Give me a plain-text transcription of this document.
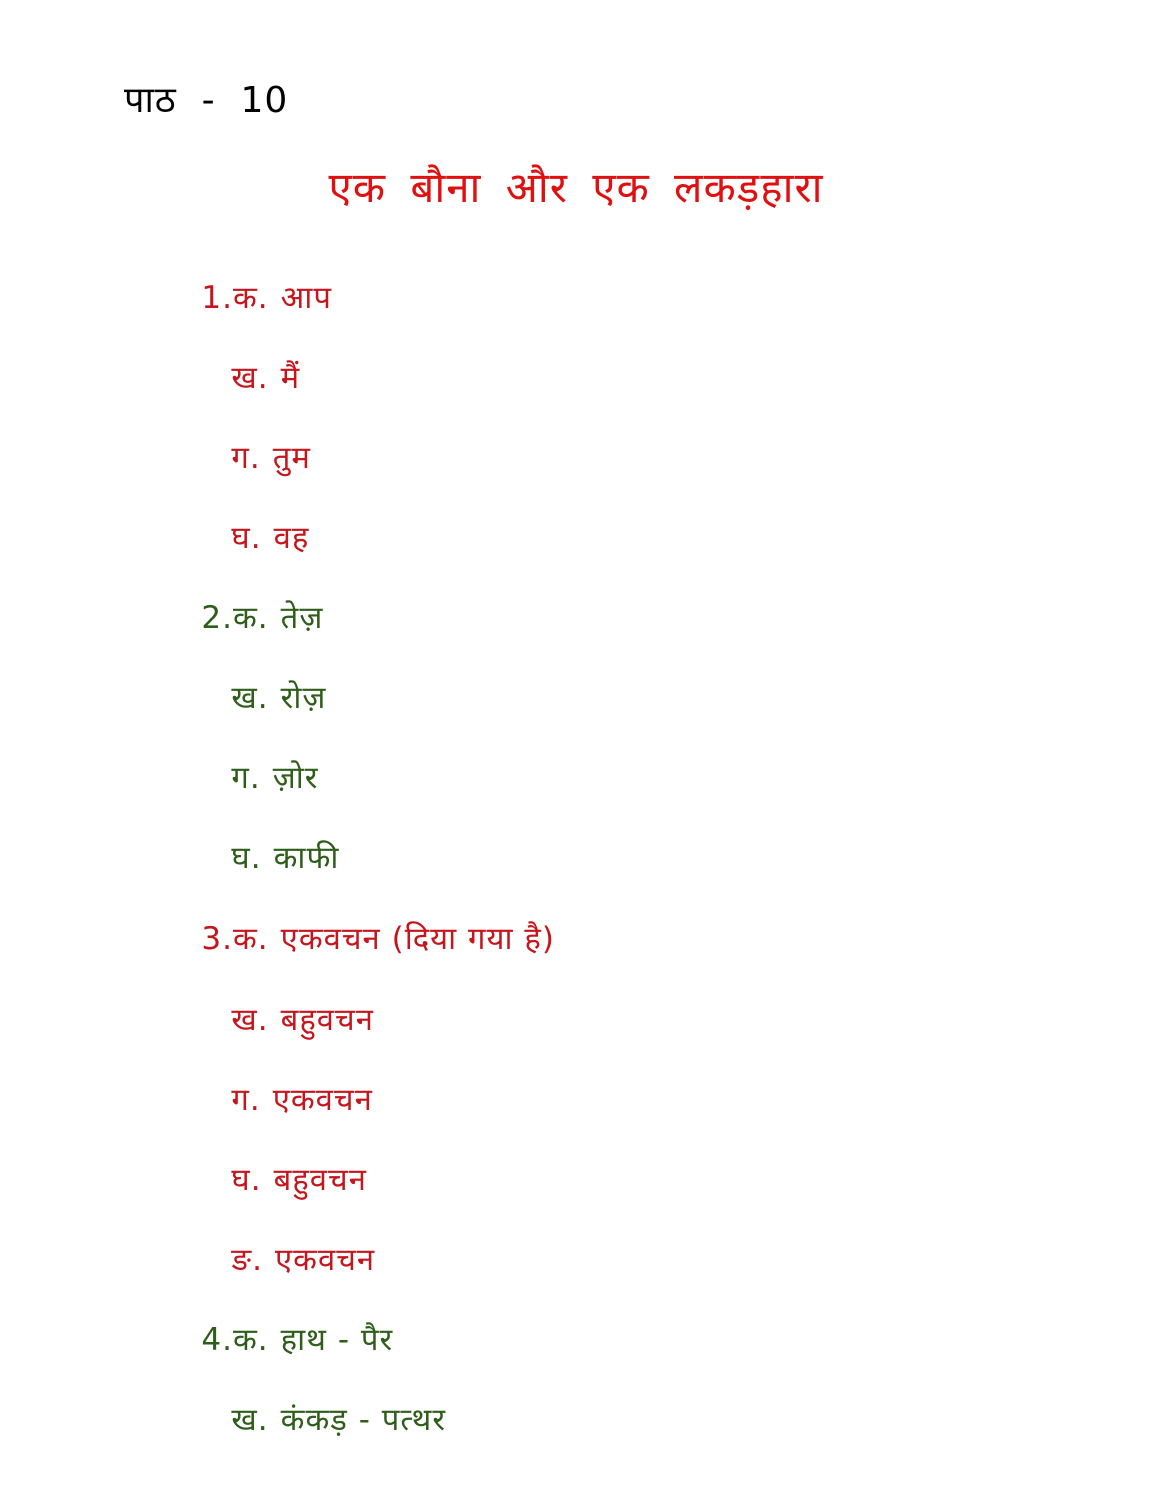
पाठ  -  10
एक बौना और एक लकड़हारा

1.क. आप

ख. मैं

ग. तुम

घ. वह

2.क. तेज़

ख. रोज़

ग. ज़ोर

घ. काफी

3.क. एकवचन (दिया गया है)

ख. बहुवचन

ग. एकवचन

घ. बहुवचन

ङ. एकवचन

4.क. हाथ - पैर

ख. कंकड़ - पत्थर
